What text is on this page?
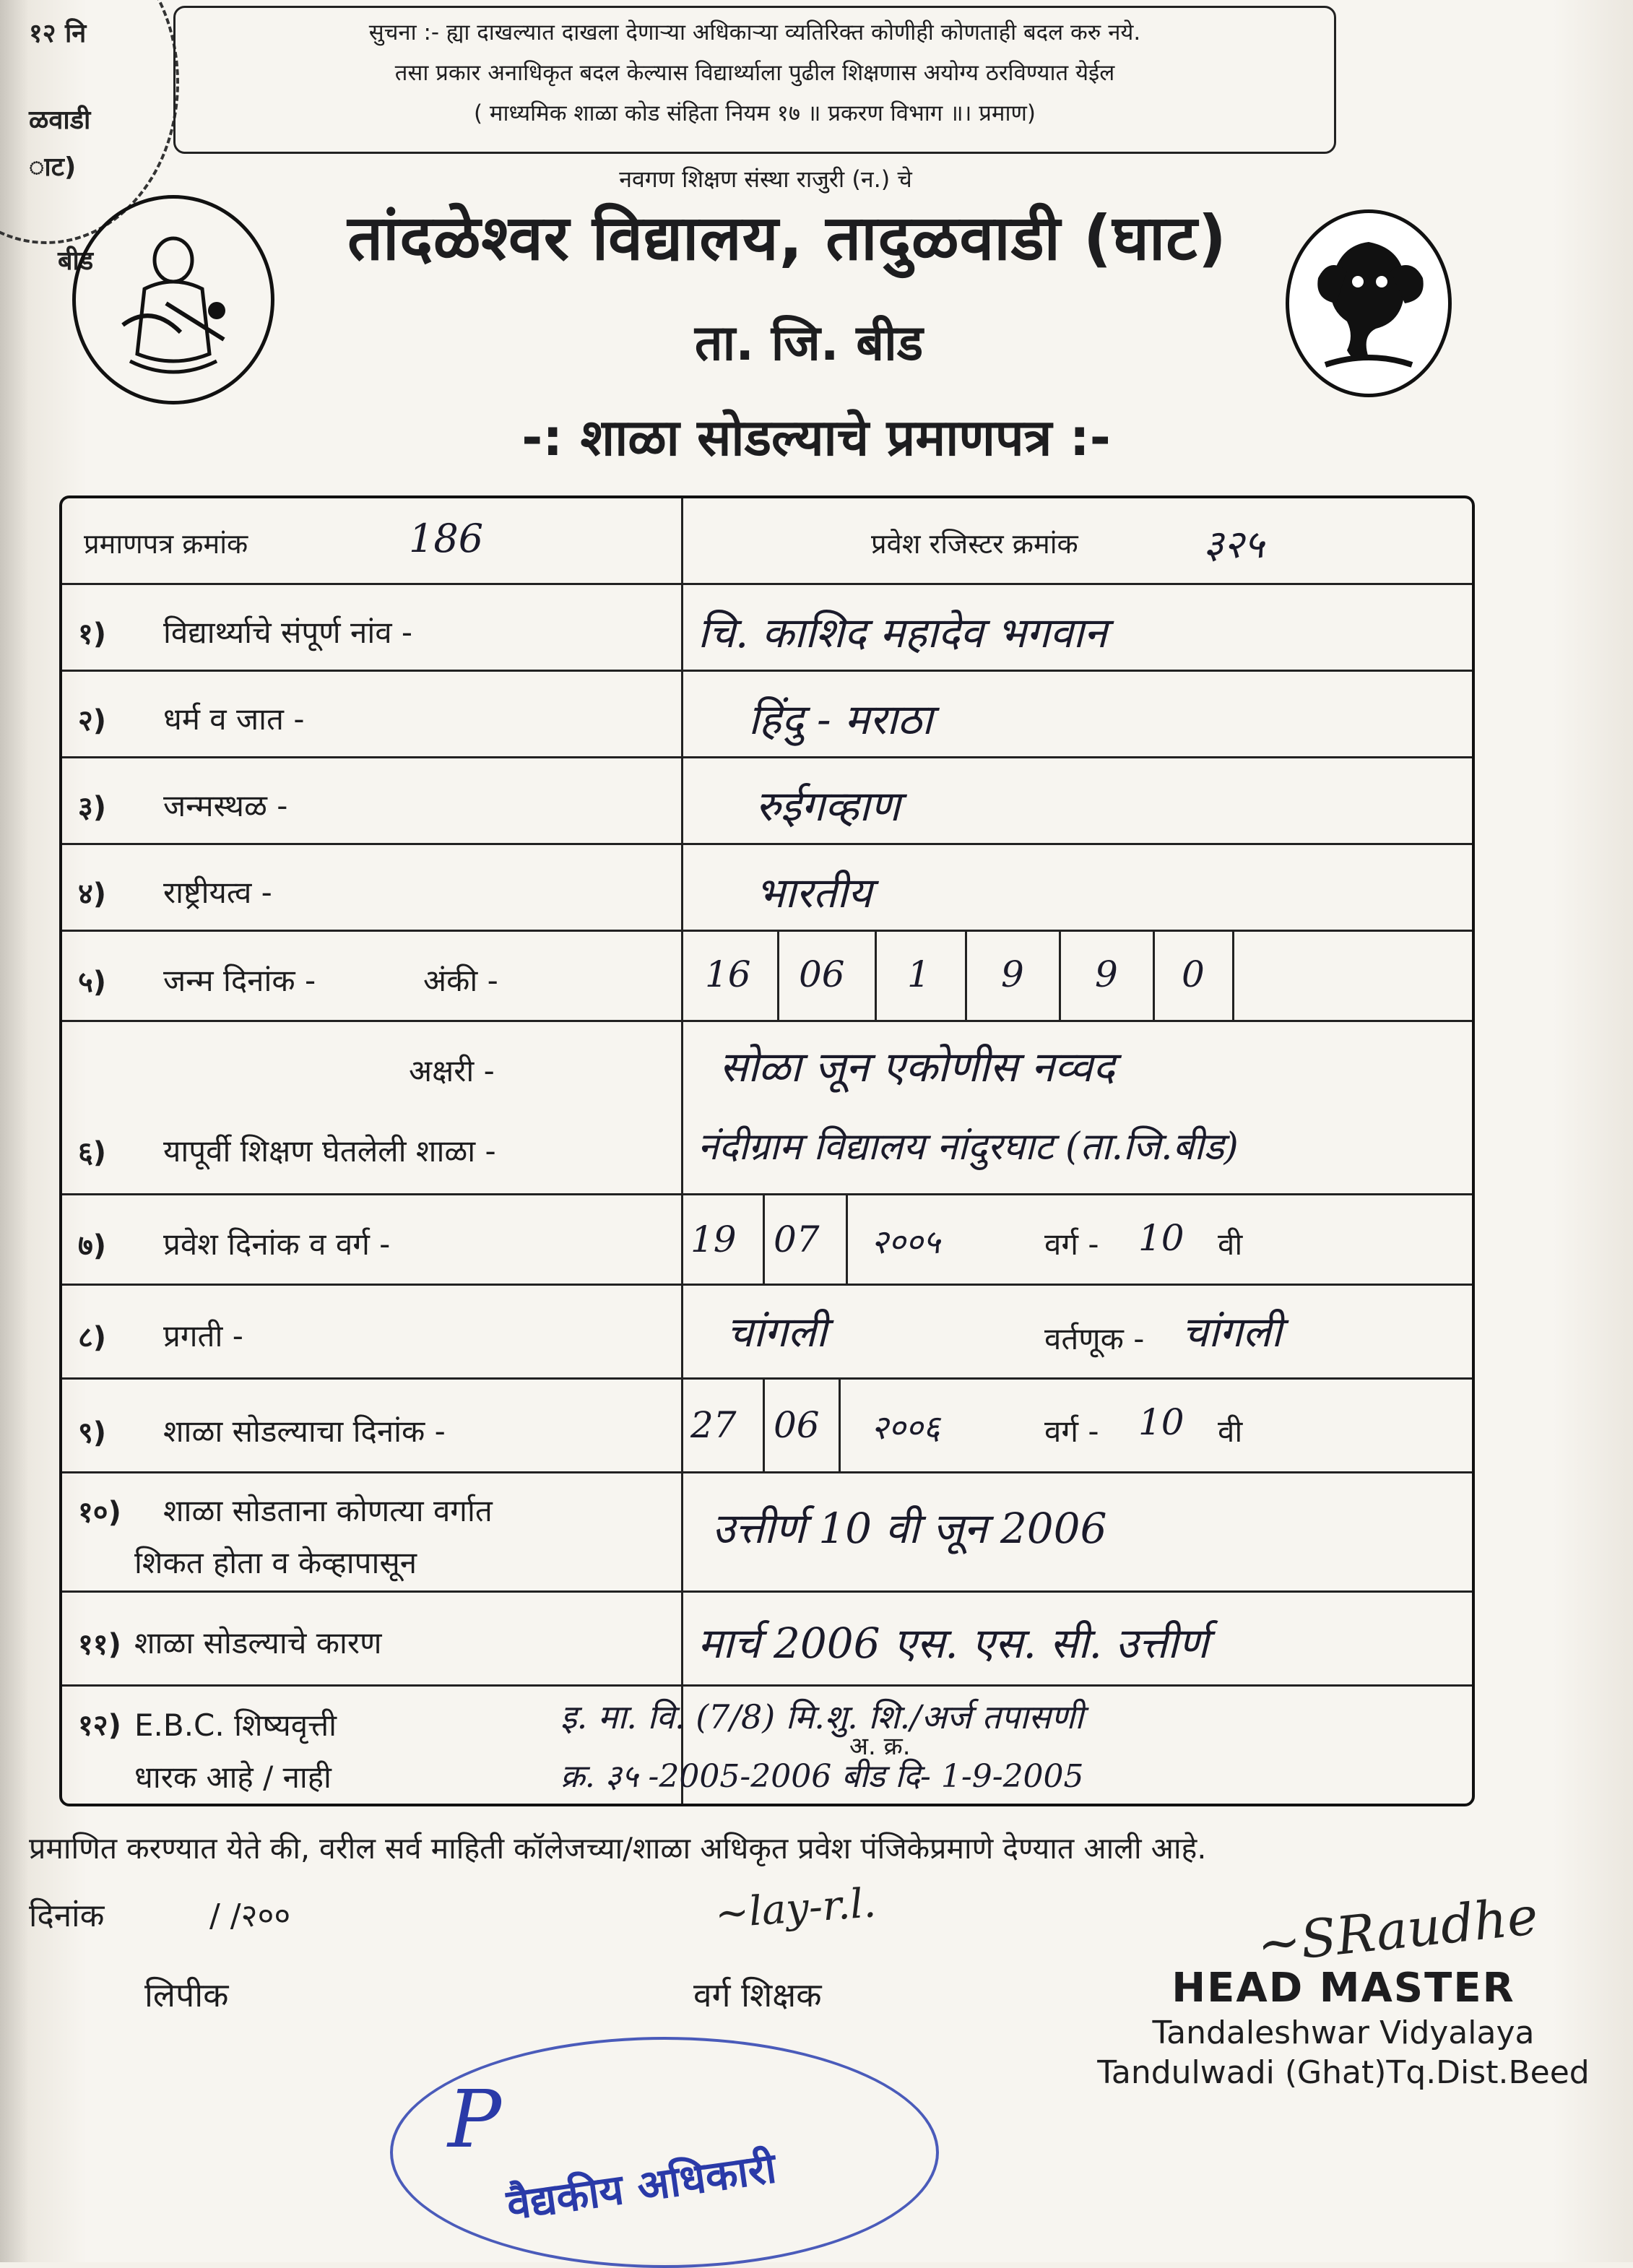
१२ नि
ळवाडी
ाट)
बीड
सुचना :- ह्या दाखल्यात दाखला देणाऱ्या अधिकाऱ्या व्यतिरिक्त कोणीही कोणताही बदल करु नये.
तसा प्रकार अनाधिकृत बदल केल्यास विद्यार्थ्याला पुढील शिक्षणास अयोग्य ठरविण्यात येईल
( माध्यमिक शाळा कोड संहिता नियम १७ ॥ प्रकरण विभाग ॥। प्रमाण)
नवगण शिक्षण संस्था राजुरी (न.) चे
तांदळेश्वर विद्यालय, तादुळवाडी (घाट)
ता. जि. बीड
-: शाळा सोडल्याचे प्रमाणपत्र :-
प्रमाणपत्र क्रमांक	186	प्रवेश रजिस्टर क्रमांक	३२५
१) विद्यार्थ्याचे संपूर्ण नांव -	चि. काशिद महादेव भगवान
२) धर्म व जात -	हिंदु - मराठा
३) जन्मस्थळ -	रुईगव्हाण
४) राष्ट्रीयत्व -	भारतीय
५) जन्म दिनांक -	अंकी -	16 06 1 9 9 0
अक्षरी -	सोळा जून एकोणीस नव्वद
६) यापूर्वी शिक्षण घेतलेली शाळा -	नंदीग्राम विद्यालय नांदुरघाट (ता.जि.बीड)
७) प्रवेश दिनांक व वर्ग -	19 07 २००५	वर्ग - 10 वी
८) प्रगती -	चांगली	वर्तणूक - चांगली
९) शाळा सोडल्याचा दिनांक -	27 06 २००६	वर्ग - 10 वी
१०) शाळा सोडताना कोणत्या वर्गात
शिकत होता व केव्हापासून
उत्तीर्ण 10 वी जून 2006
११) शाळा सोडल्याचे कारण	मार्च 2006 एस. एस. सी. उत्तीर्ण
१२) E.B.C. शिष्यवृत्ती
धारक आहे / नाही
इ. मा. वि. (7/8) मि.शु. शि./अर्ज तपासणी
अ. क्र.
क्र. ३५ -2005-2006 बीड दि- 1-9-2005
प्रमाणित करण्यात येते की, वरील सर्व माहिती कॉलेजच्या/शाळा अधिकृत प्रवेश पंजिकेप्रमाणे देण्यात आली आहे.
दिनांक	/ /२००	~lay-r.l.	~SRaudhe
लिपीक	वर्ग शिक्षक	HEAD MASTER
Tandaleshwar Vidyalaya
Tandulwadi (Ghat)Tq.Dist.Beed
P
वैद्यकीय अधिकारी
